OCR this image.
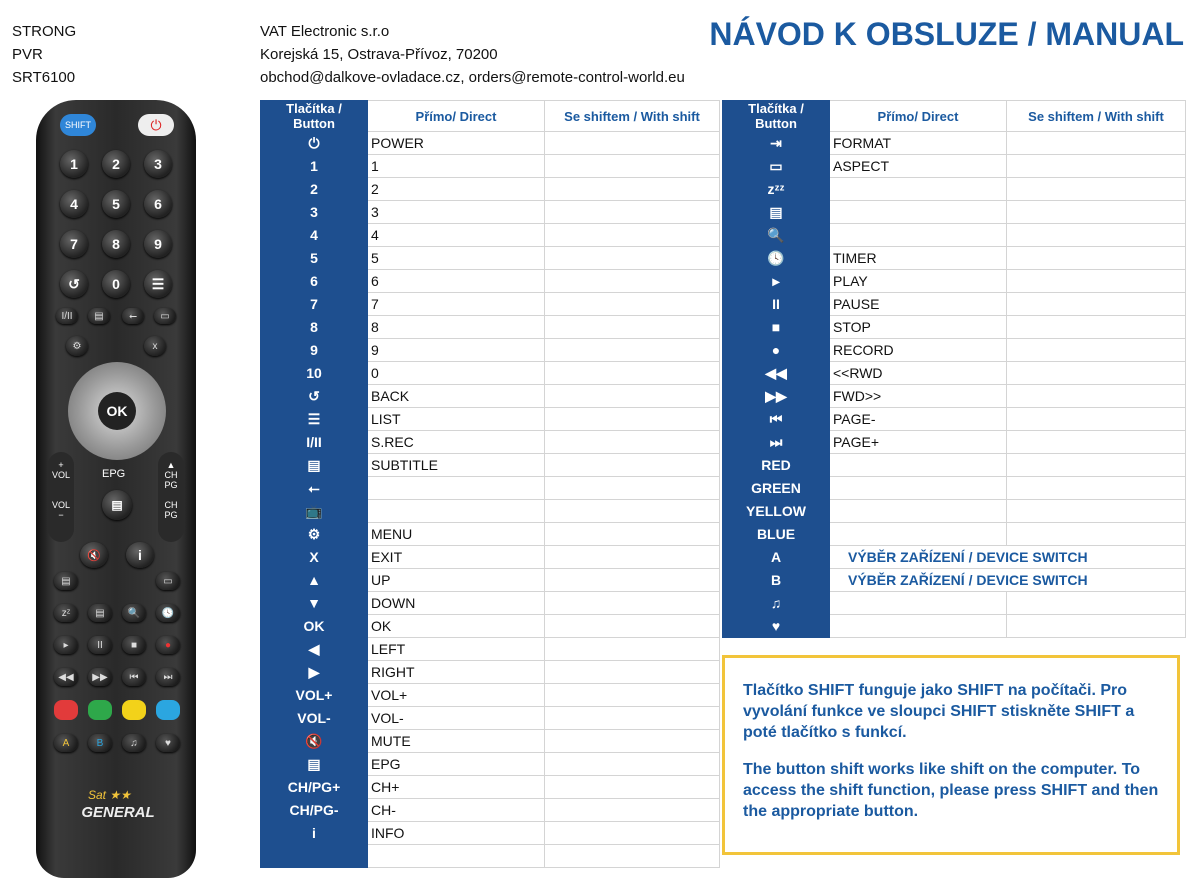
STRONG
PVR
SRT6100
VAT Electronic s.r.o
Korejská 15, Ostrava-Přívoz, 70200
obchod@dalkove-ovladace.cz, orders@remote-control-world.eu
NÁVOD K OBSLUZE / MANUAL
SHIFT	⏻
1	2	3
4	5	6
7	8	9
0
↺	☰
I/II	▤	⭠	▭
⚙	x
OK
+
VOL

VOL
−
▲
CH
PG

CH
PG
EPG
▤
🔇	i
▤	▭
zᶻ	▤	🔍	🕓
▸	II	■	●
◀◀	▶▶	⏮	⏭
A	B	♫	♥
Sat ★★
GENERAL
Tlačítka / Button	Přímo/ Direct	Se shiftem / With shift
⏻	POWER	
1	1	
2	2	
3	3	
4	4	
5	5	
6	6	
7	7	
8	8	
9	9	
10	0	
↺	BACK	
☰	LIST	
I/II	S.REC	
▤	SUBTITLE	
⭠		
📺		
⚙	MENU	
X	EXIT	
▲	UP	
▼	DOWN	
OK	OK	
◀	LEFT	
▶	RIGHT	
VOL+	VOL+	
VOL-	VOL-	
🔇	MUTE	
▤	EPG	
CH/PG+	CH+	
CH/PG-	CH-	
i	INFO	

Tlačítka / Button	Přímo/ Direct	Se shiftem / With shift
⇥	FORMAT	
▭	ASPECT	
zᶻᶻ		
▤		
🔍		
🕓	TIMER	
▸	PLAY	
II	PAUSE	
■	STOP	
●	RECORD	
◀◀	<<RWD	
▶▶	FWD>>	
⏮	PAGE-	
⏭	PAGE+	
RED		
GREEN		
YELLOW		
BLUE		
A	VÝBĚR ZAŘÍZENÍ / DEVICE SWITCH	
B	VÝBĚR ZAŘÍZENÍ / DEVICE SWITCH	
♫		
♥		

Tlačítko SHIFT funguje jako SHIFT na počítači. Pro vyvolání funkce ve sloupci SHIFT stiskněte SHIFT a poté tlačítko s funkcí.

The button shift works like shift on the computer. To access the shift function, please press SHIFT and then the appropriate button.
